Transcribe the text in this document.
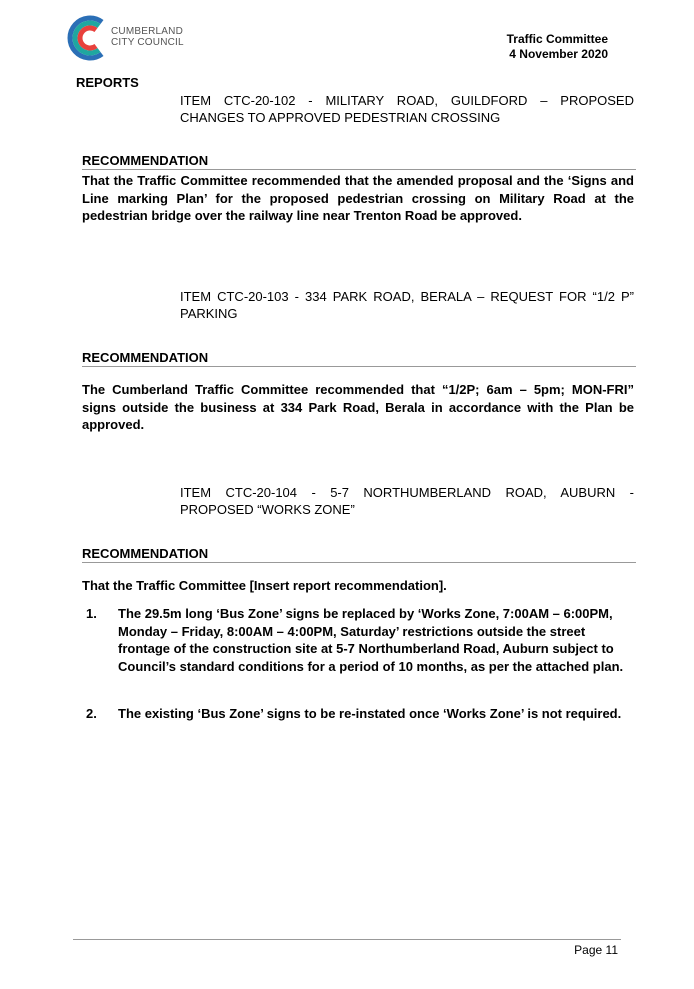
CUMBERLAND
CITY COUNCIL	Traffic Committee
4 November 2020
REPORTS
ITEM CTC-20-102 - MILITARY ROAD, GUILDFORD – PROPOSED CHANGES TO APPROVED PEDESTRIAN CROSSING
RECOMMENDATION
That the Traffic Committee recommended that the amended proposal and the ‘Signs and Line marking Plan’ for the proposed pedestrian crossing on Military Road at the pedestrian bridge over the railway line near Trenton Road be approved.
ITEM CTC-20-103 - 334 PARK ROAD, BERALA – REQUEST FOR “1/2 P” PARKING
RECOMMENDATION
The Cumberland Traffic Committee recommended that “1/2P; 6am – 5pm; MON-FRI” signs outside the business at 334 Park Road, Berala in accordance with the Plan be approved.
ITEM CTC-20-104 - 5-7 NORTHUMBERLAND ROAD, AUBURN - PROPOSED “WORKS ZONE”
RECOMMENDATION
That the Traffic Committee [Insert report recommendation].
1. The 29.5m long ‘Bus Zone’ signs be replaced by ‘Works Zone, 7:00AM – 6:00PM, Monday – Friday, 8:00AM – 4:00PM, Saturday’ restrictions outside the street frontage of the construction site at 5-7 Northumberland Road, Auburn subject to Council’s standard conditions for a period of 10 months, as per the attached plan.
2. The existing ‘Bus Zone’ signs to be re-instated once ‘Works Zone’ is not required.
Page 11
